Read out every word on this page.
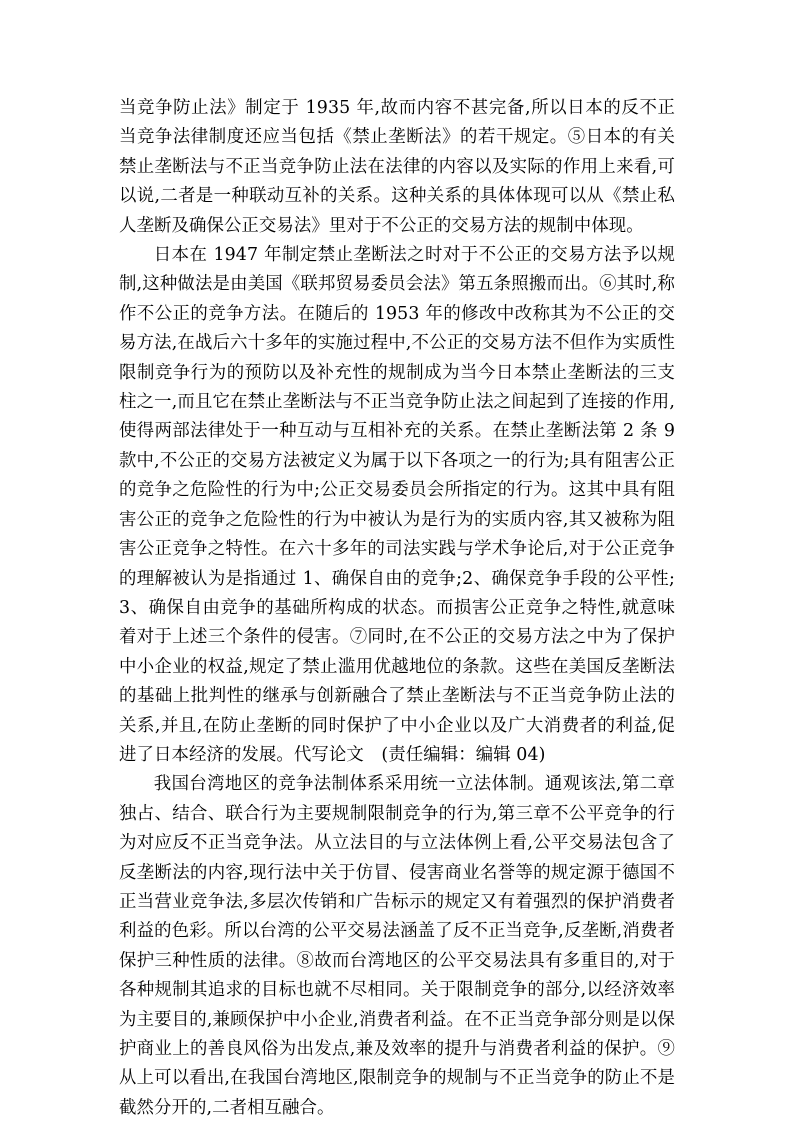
当竞争防止法》制定于 1935 年,故而内容不甚完备,所以日本的反不正当竞争法律制度还应当包括《禁止垄断法》的若干规定。⑤日本的有关禁止垄断法与不正当竞争防止法在法律的内容以及实际的作用上来看,可以说,二者是一种联动互补的关系。这种关系的具体体现可以从《禁止私人垄断及确保公正交易法》里对于不公正的交易方法的规制中体现。

日本在 1947 年制定禁止垄断法之时对于不公正的交易方法予以规制,这种做法是由美国《联邦贸易委员会法》第五条照搬而出。⑥其时,称作不公正的竞争方法。在随后的 1953 年的修改中改称其为不公正的交易方法,在战后六十多年的实施过程中,不公正的交易方法不但作为实质性限制竞争行为的预防以及补充性的规制成为当今日本禁止垄断法的三支柱之一,而且它在禁止垄断法与不正当竞争防止法之间起到了连接的作用,使得两部法律处于一种互动与互相补充的关系。在禁止垄断法第 2 条 9 款中,不公正的交易方法被定义为属于以下各项之一的行为;具有阻害公正的竞争之危险性的行为中;公正交易委员会所指定的行为。这其中具有阻害公正的竞争之危险性的行为中被认为是行为的实质内容,其又被称为阻害公正竞争之特性。在六十多年的司法实践与学术争论后,对于公正竞争的理解被认为是指通过 1、确保自由的竞争;2、确保竞争手段的公平性;3、确保自由竞争的基础所构成的状态。而损害公正竞争之特性,就意味着对于上述三个条件的侵害。⑦同时,在不公正的交易方法之中为了保护中小企业的权益,规定了禁止滥用优越地位的条款。这些在美国反垄断法的基础上批判性的继承与创新融合了禁止垄断法与不正当竞争防止法的关系,并且,在防止垄断的同时保护了中小企业以及广大消费者的利益,促进了日本经济的发展。代写论文　(责任编辑：编辑 04)

我国台湾地区的竞争法制体系采用统一立法体制。通观该法,第二章独占、结合、联合行为主要规制限制竞争的行为,第三章不公平竞争的行为对应反不正当竞争法。从立法目的与立法体例上看,公平交易法包含了反垄断法的内容,现行法中关于仿冒、侵害商业名誉等的规定源于德国不正当营业竞争法,多层次传销和广告标示的规定又有着强烈的保护消费者利益的色彩。所以台湾的公平交易法涵盖了反不正当竞争,反垄断,消费者保护三种性质的法律。⑧故而台湾地区的公平交易法具有多重目的,对于各种规制其追求的目标也就不尽相同。关于限制竞争的部分,以经济效率为主要目的,兼顾保护中小企业,消费者利益。在不正当竞争部分则是以保护商业上的善良风俗为出发点,兼及效率的提升与消费者利益的保护。⑨从上可以看出,在我国台湾地区,限制竞争的规制与不正当竞争的防止不是截然分开的,二者相互融合。
